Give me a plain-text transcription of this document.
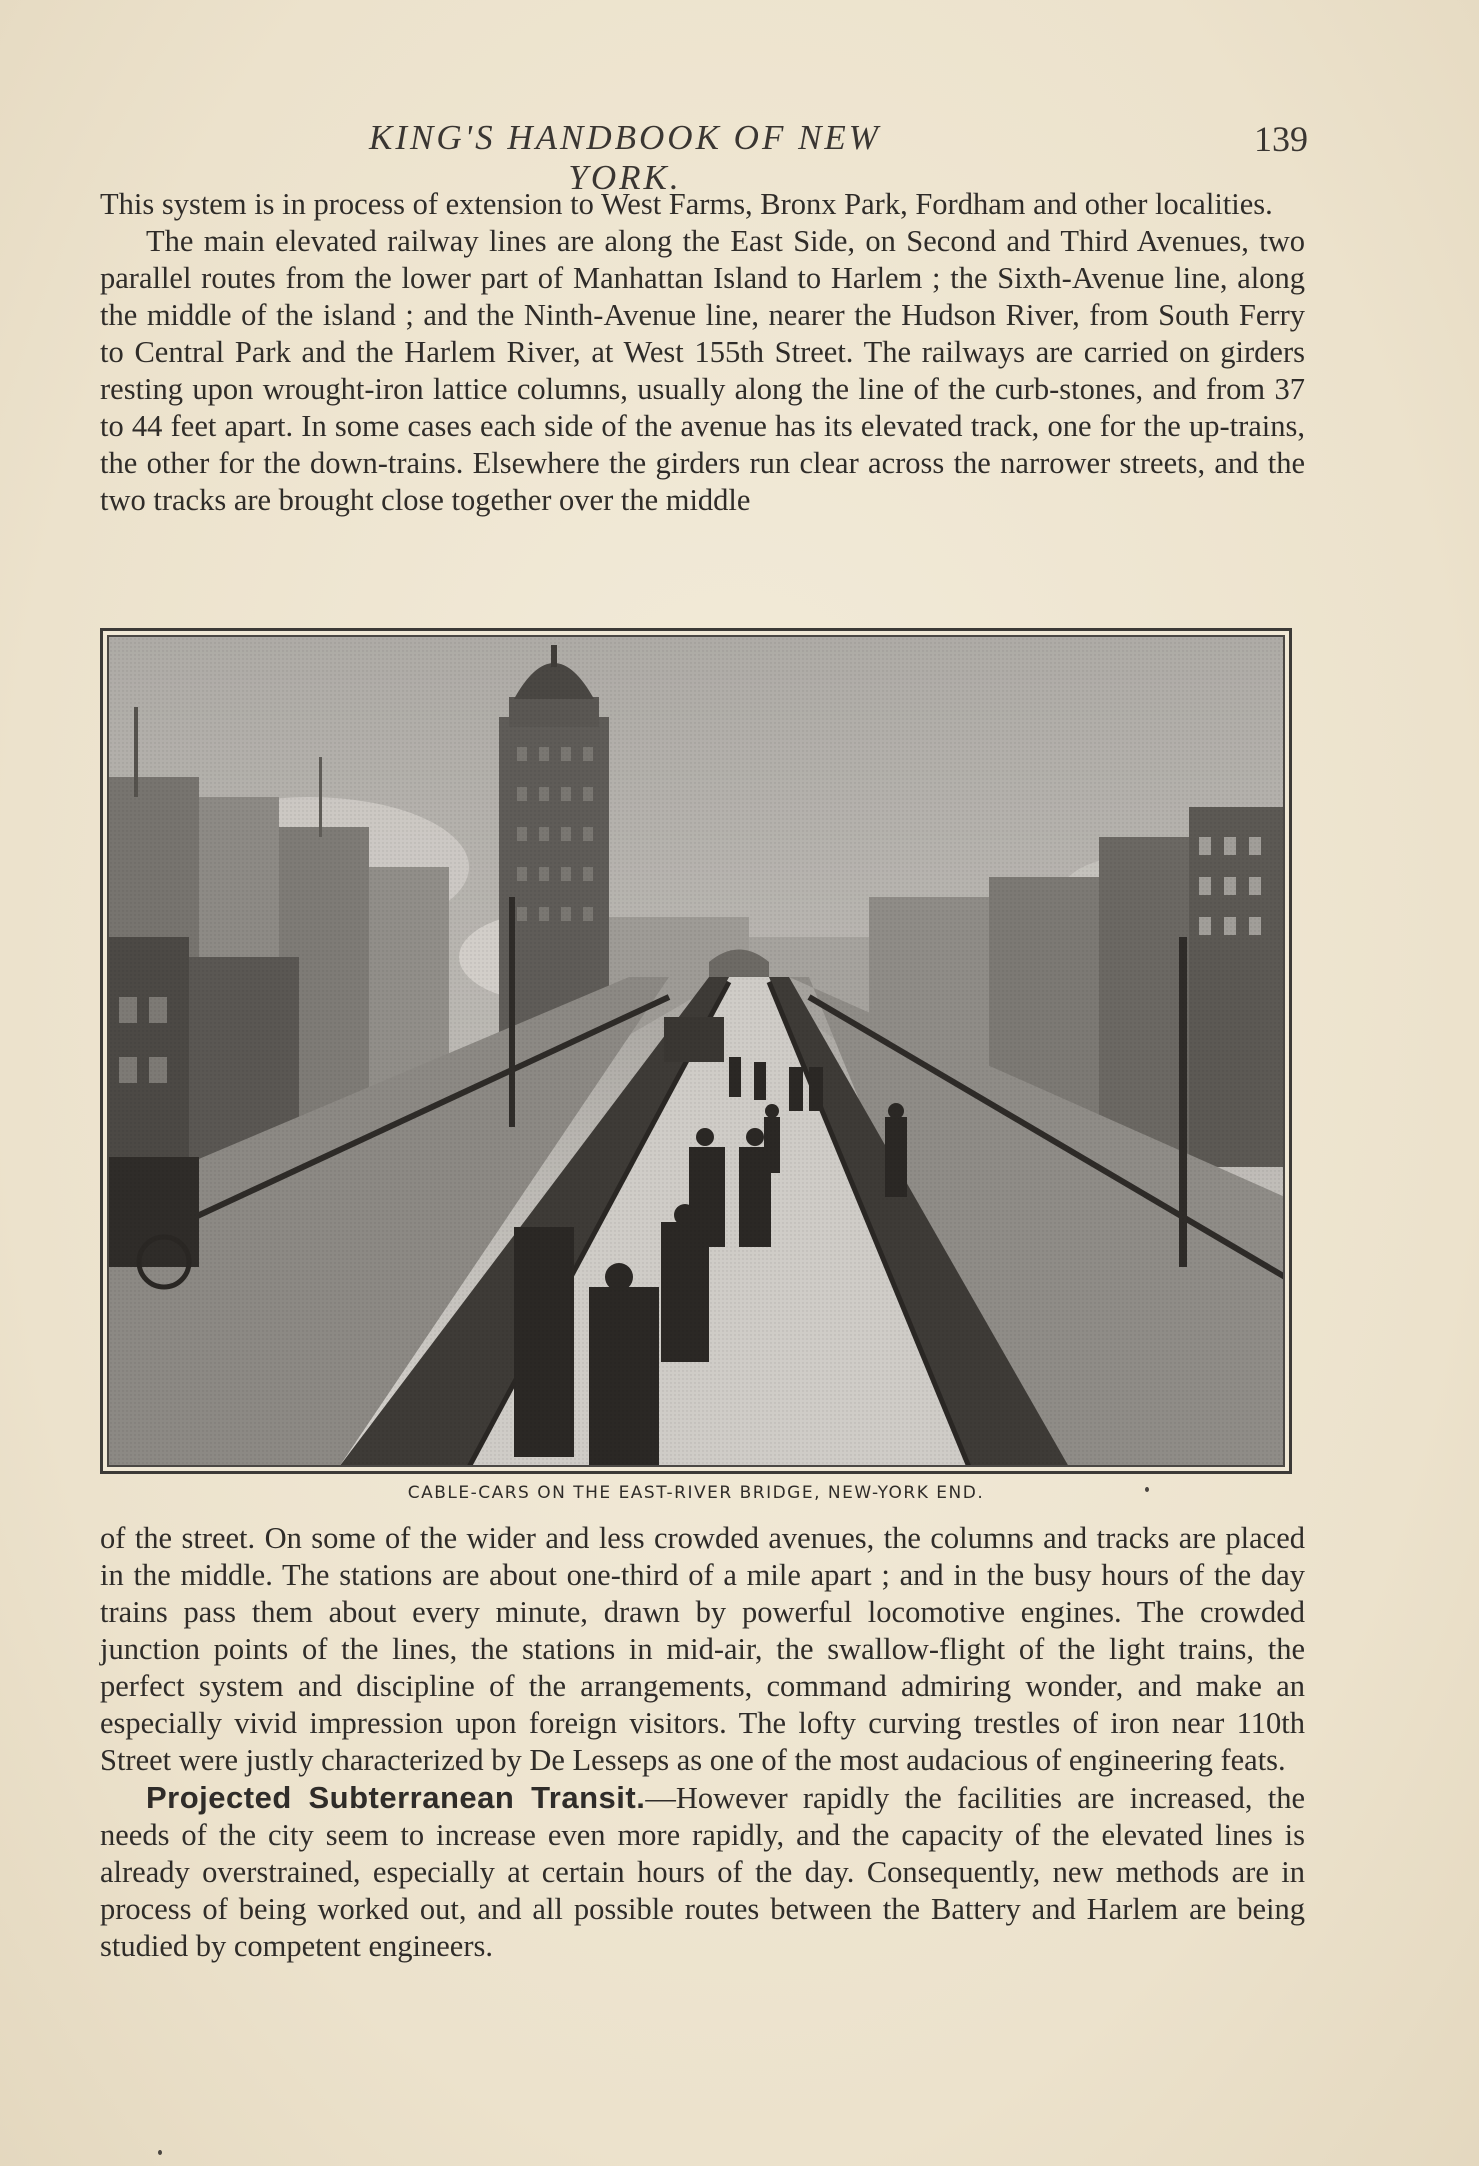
KING'S HANDBOOK OF NEW YORK.
139

This system is in process of extension to West Farms, Bronx Park, Fordham and other localities.

The main elevated railway lines are along the East Side, on Second and Third Avenues, two parallel routes from the lower part of Manhattan Island to Harlem ; the Sixth-Avenue line, along the middle of the island ; and the Ninth-Avenue line, nearer the Hudson River, from South Ferry to Central Park and the Harlem River, at West 155th Street. The railways are carried on girders resting upon wrought-iron lattice columns, usually along the line of the curb-stones, and from 37 to 44 feet apart. In some cases each side of the avenue has its elevated track, one for the up-trains, the other for the down-trains. Elsewhere the girders run clear across the narrower streets, and the two tracks are brought close together over the middle

CABLE-CARS ON THE EAST-RIVER BRIDGE, NEW-YORK END.

of the street. On some of the wider and less crowded avenues, the columns and tracks are placed in the middle. The stations are about one-third of a mile apart ; and in the busy hours of the day trains pass them about every minute, drawn by powerful locomotive engines. The crowded junction points of the lines, the stations in mid-air, the swallow-flight of the light trains, the perfect system and discipline of the arrangements, command admiring wonder, and make an especially vivid impression upon foreign visitors. The lofty curving trestles of iron near 110th Street were justly characterized by De Lesseps as one of the most audacious of engineering feats.

Projected Subterranean Transit.—However rapidly the facilities are increased, the needs of the city seem to increase even more rapidly, and the capacity of the elevated lines is already overstrained, especially at certain hours of the day. Consequently, new methods are in process of being worked out, and all possible routes between the Battery and Harlem are being studied by competent engineers.
